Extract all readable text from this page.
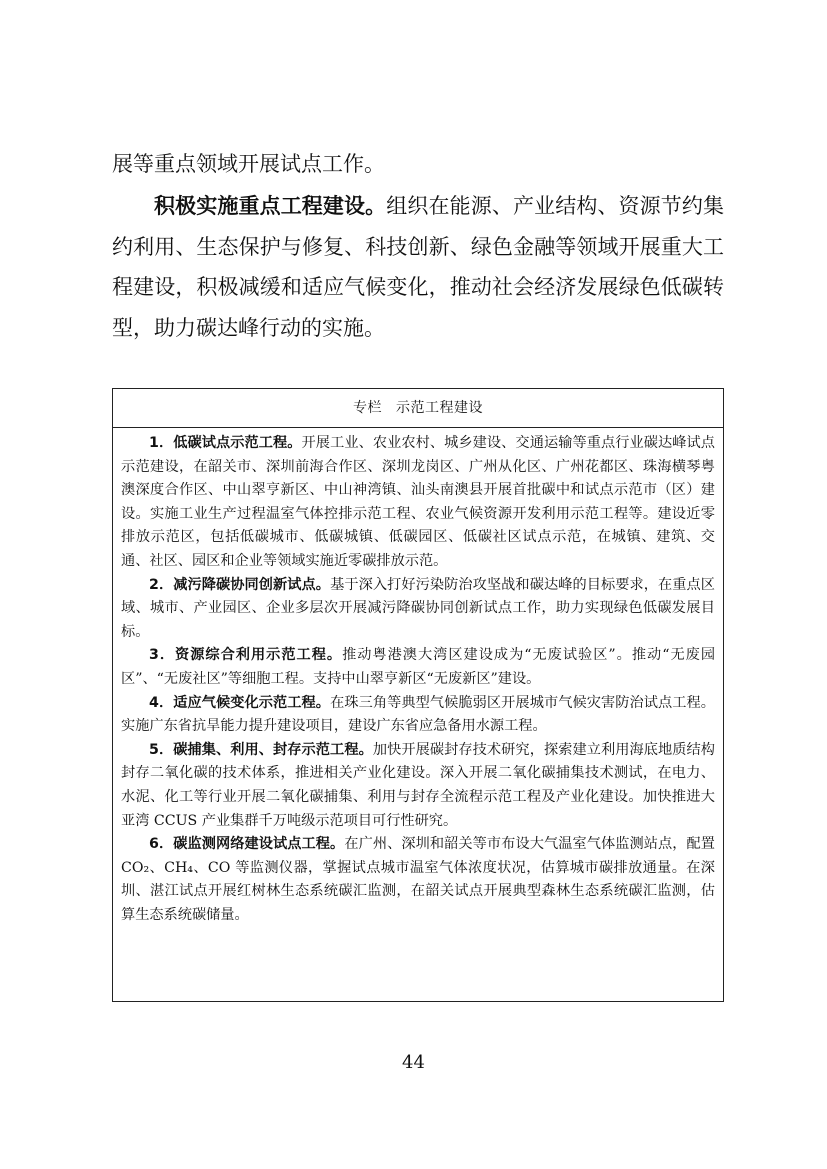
展等重点领域开展试点工作。

积极实施重点工程建设。组织在能源、产业结构、资源节约集约利用、生态保护与修复、科技创新、绿色金融等领域开展重大工程建设，积极减缓和适应气候变化，推动社会经济发展绿色低碳转型，助力碳达峰行动的实施。

专栏 示范工程建设

1．低碳试点示范工程。开展工业、农业农村、城乡建设、交通运输等重点行业碳达峰试点示范建设，在韶关市、深圳前海合作区、深圳龙岗区、广州从化区、广州花都区、珠海横琴粤澳深度合作区、中山翠亨新区、中山神湾镇、汕头南澳县开展首批碳中和试点示范市（区）建设。实施工业生产过程温室气体控排示范工程、农业气候资源开发利用示范工程等。建设近零排放示范区，包括低碳城市、低碳城镇、低碳园区、低碳社区试点示范，在城镇、建筑、交通、社区、园区和企业等领域实施近零碳排放示范。

2．减污降碳协同创新试点。基于深入打好污染防治攻坚战和碳达峰的目标要求，在重点区域、城市、产业园区、企业多层次开展减污降碳协同创新试点工作，助力实现绿色低碳发展目标。

3．资源综合利用示范工程。推动粤港澳大湾区建设成为“无废试验区”。推动“无废园区”、“无废社区”等细胞工程。支持中山翠亨新区“无废新区”建设。

4．适应气候变化示范工程。在珠三角等典型气候脆弱区开展城市气候灾害防治试点工程。实施广东省抗旱能力提升建设项目，建设广东省应急备用水源工程。

5．碳捕集、利用、封存示范工程。加快开展碳封存技术研究，探索建立利用海底地质结构封存二氧化碳的技术体系，推进相关产业化建设。深入开展二氧化碳捕集技术测试，在电力、水泥、化工等行业开展二氧化碳捕集、利用与封存全流程示范工程及产业化建设。加快推进大亚湾 CCUS 产业集群千万吨级示范项目可行性研究。

6．碳监测网络建设试点工程。在广州、深圳和韶关等市布设大气温室气体监测站点，配置 CO₂、CH₄、CO 等监测仪器，掌握试点城市温室气体浓度状况，估算城市碳排放通量。在深圳、湛江试点开展红树林生态系统碳汇监测，在韶关试点开展典型森林生态系统碳汇监测，估算生态系统碳储量。

44
